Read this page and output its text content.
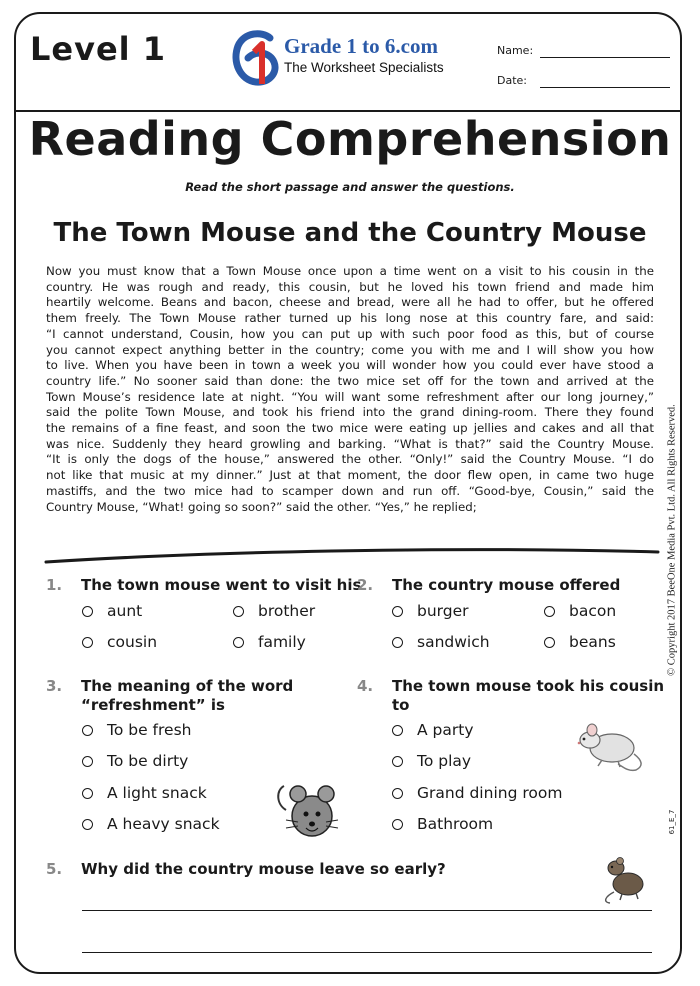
Level 1	Grade 1 to 6.com
The Worksheet Specialists
Name:
Date:
Reading Comprehension
Read the short passage and answer the questions.
The Town Mouse and the Country Mouse

Now you must know that a Town Mouse once upon a time went on a visit to his cousin in the

country. He was rough and ready, this cousin, but he loved his town friend and made him

heartily welcome. Beans and bacon, cheese and bread, were all he had to offer, but he offered

them freely. The Town Mouse rather turned up his long nose at this country fare, and said:

“I cannot understand, Cousin, how you can put up with such poor food as this, but of course

you cannot expect anything better in the country; come you with me and I will show you how

to live. When you have been in town a week you will wonder how you could ever have stood a

country life.” No sooner said than done: the two mice set off for the town and arrived at the

Town Mouse’s residence late at night. “You will want some refreshment after our long journey,”

said the polite Town Mouse, and took his friend into the grand dining-room. There they found

the remains of a fine feast, and soon the two mice were eating up jellies and cakes and all that

was nice. Suddenly they heard growling and barking. “What is that?” said the Country Mouse.

“It is only the dogs of the house,” answered the other. “Only!” said the Country Mouse. “I do

not like that music at my dinner.” Just at that moment, the door flew open, in came two huge

mastiffs, and the two mice had to scamper down and run off. “Good-bye, Cousin,” said the

Country Mouse, “What! going so soon?” said the other. “Yes,” he replied;

1. The town mouse went to visit his
aunt	brother
cousin	family
2. The country mouse offered
burger	bacon
sandwich	beans
3. The meaning of the word
“refreshment” is
To be fresh
To be dirty
A light snack
A heavy snack
4. The town mouse took his cousin
to
A party
To play
Grand dining room
Bathroom
5. Why did the country mouse leave so early?
© Copyright 2017 BeeOne Media Pvt. Ltd. All Rights Reserved.
61_E_7
